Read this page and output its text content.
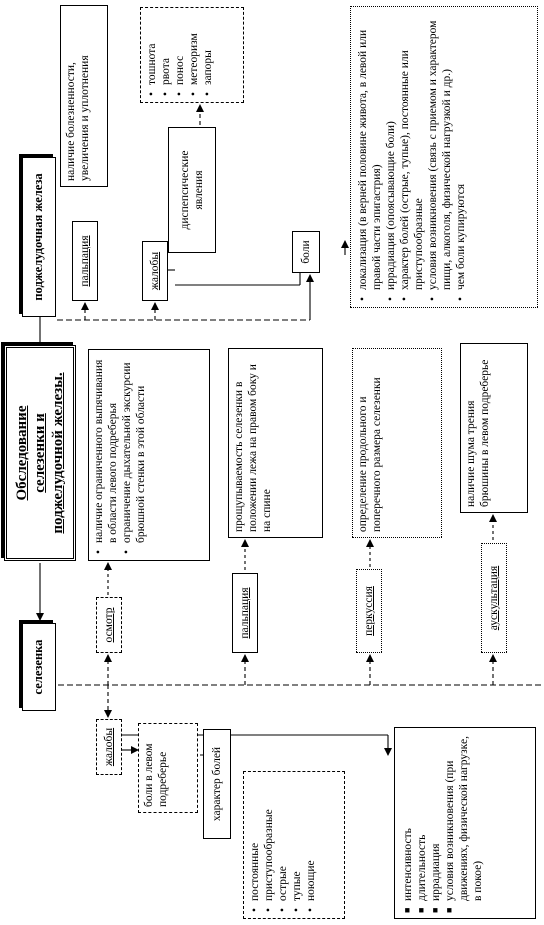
Обследование селезенки и поджелудочной железы.
селезенка
поджелудочная железа
осмотр
• наличие ограниченного выпячивания в области левого подреберья • ограничение дыхательной экскурсии брюшной стенки в этой области
пальпация
прощупываемость селезенки в положении лежа на правом боку и на спине
перкуссия
определение продольного и поперечного размера селезенки
аускультация
наличие шума трения брюшины в левом подреберье
жалобы	боли в левом подреберье	характер болей
• постоянные • приступообразные • острые • тупые • ноющие	■ интенсивность ■ длительность ■ иррадиация ■ условия возникновения (при движениях, физической нагрузке, в покое)
пальпация
наличие болезненности, увеличения и уплотнения
жалобы
диспепсические явления
• тошнота • рвота • понос • метеоризм • запоры
боли	• локализация (в верней половине живота, в левой или правой части эпигастрия) • иррадиация (опоясывающие боли) • характер болей (острые, тупые), постоянные или приступообразные • условия возникновения (связь с приемом и характером пищи, алкоголя, физической нагрузкой и др.) • чем боли купируются
